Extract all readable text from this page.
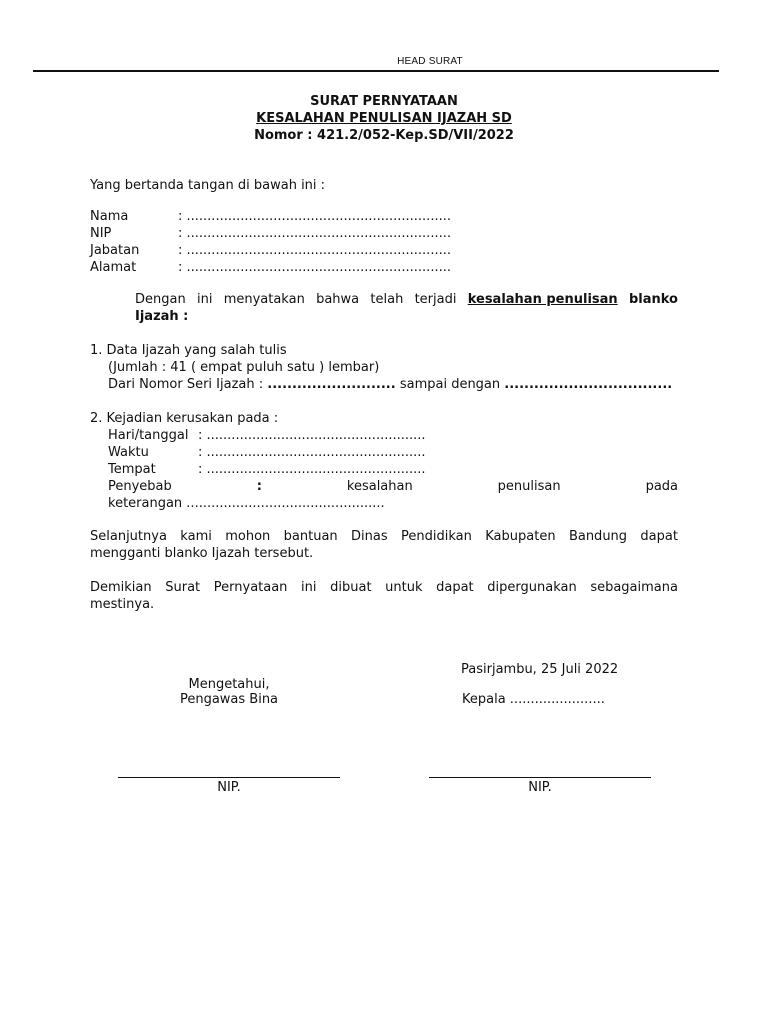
HEAD SURAT
SURAT PERNYATAAN
KESALAHAN PENULISAN IJAZAH SD
Nomor : 421.2/052-Kep.SD/VII/2022
Yang bertanda tangan di bawah ini :
Nama	: ................................................................
NIP	: ................................................................
Jabatan	: ................................................................
Alamat	: ................................................................
Dengan ini menyatakan bahwa telah terjadi kesalahan penulisan blanko
Ijazah :
1. Data Ijazah yang salah tulis
(Jumlah : 41 ( empat puluh satu ) lembar)
Dari Nomor Seri Ijazah : .......................... sampai dengan ..................................
2. Kejadian kerusakan pada :
Hari/tanggal : .....................................................
Waktu	: .....................................................
Tempat	: .....................................................
Penyebab	:	kesalahan	penulisan	pada
keterangan ................................................
Selanjutnya kami mohon bantuan Dinas Pendidikan Kabupaten Bandung dapat
mengganti blanko Ijazah tersebut.
Demikian Surat Pernyataan ini dibuat untuk dapat dipergunakan sebagaimana
mestinya.
Pasirjambu, 25 Juli 2022
Mengetahui,
Pengawas Bina	Kepala .......................
NIP.	NIP.
